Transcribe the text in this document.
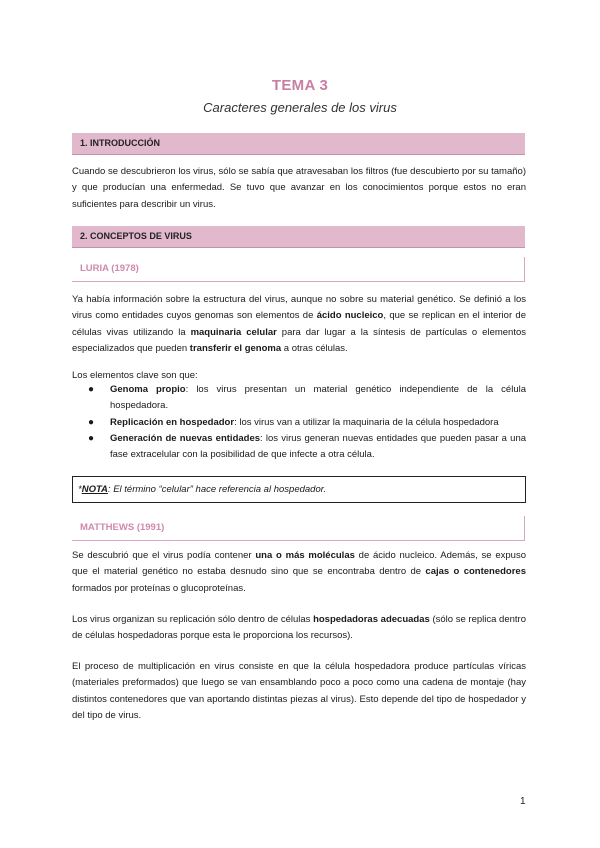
TEMA 3
Caracteres generales de los virus
1. INTRODUCCIÓN
Cuando se descubrieron los virus, sólo se sabía que atravesaban los filtros (fue descubierto por su tamaño) y que producían una enfermedad. Se tuvo que avanzar en los conocimientos porque estos no eran suficientes para describir un virus.
2. CONCEPTOS DE VIRUS
LURIA (1978)
Ya había información sobre la estructura del virus, aunque no sobre su material genético. Se definió a los virus como entidades cuyos genomas son elementos de ácido nucleico, que se replican en el interior de células vivas utilizando la maquinaria celular para dar lugar a la síntesis de partículas o elementos especializados que pueden transferir el genoma a otras células.
Los elementos clave son que:
● Genoma propio: los virus presentan un material genético independiente de la célula hospedadora.
● Replicación en hospedador: los virus van a utilizar la maquinaria de la célula hospedadora
● Generación de nuevas entidades: los virus generan nuevas entidades que pueden pasar a una fase extracelular con la posibilidad de que infecte a otra célula.
*NOTA: El término “celular” hace referencia al hospedador.
MATTHEWS (1991)
Se descubrió que el virus podía contener una o más moléculas de ácido nucleico. Además, se expuso que el material genético no estaba desnudo sino que se encontraba dentro de cajas o contenedores formados por proteínas o glucoproteínas.
Los virus organizan su replicación sólo dentro de células hospedadoras adecuadas (sólo se replica dentro de células hospedadoras porque esta le proporciona los recursos).
El proceso de multiplicación en virus consiste en que la célula hospedadora produce partículas víricas (materiales preformados) que luego se van ensamblando poco a poco como una cadena de montaje (hay distintos contenedores que van aportando distintas piezas al virus). Esto depende del tipo de hospedador y del tipo de virus.
1
